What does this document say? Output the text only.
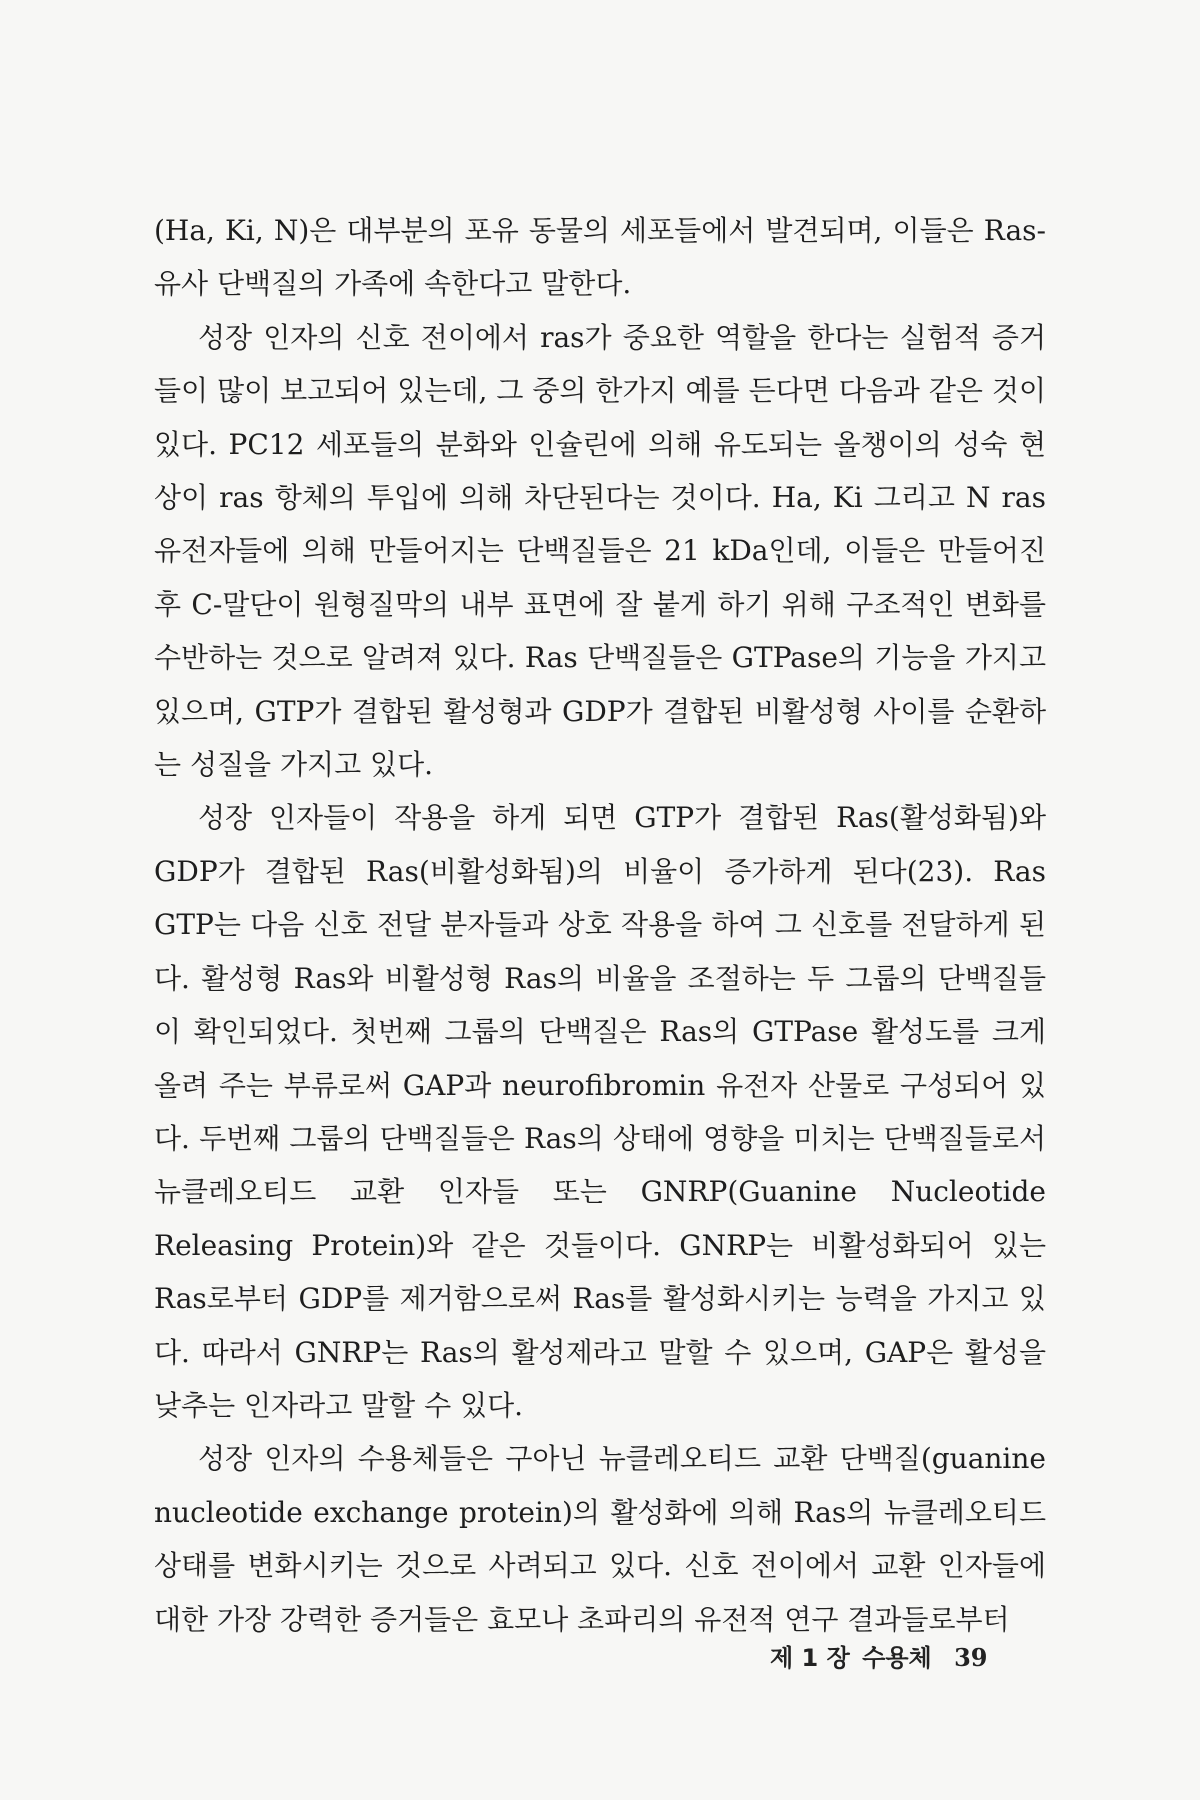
(Ha, Ki, N)은 대부분의 포유 동물의 세포들에서 발견되며, 이들은 Ras-유사 단백질의 가족에 속한다고 말한다.

성장 인자의 신호 전이에서 ras가 중요한 역할을 한다는 실험적 증거들이 많이 보고되어 있는데, 그 중의 한가지 예를 든다면 다음과 같은 것이 있다. PC12 세포들의 분화와 인슐린에 의해 유도되는 올챙이의 성숙 현상이 ras 항체의 투입에 의해 차단된다는 것이다. Ha, Ki 그리고 N ras 유전자들에 의해 만들어지는 단백질들은 21 kDa인데, 이들은 만들어진 후 C-말단이 원형질막의 내부 표면에 잘 붙게 하기 위해 구조적인 변화를 수반하는 것으로 알려져 있다. Ras 단백질들은 GTPase의 기능을 가지고 있으며, GTP가 결합된 활성형과 GDP가 결합된 비활성형 사이를 순환하는 성질을 가지고 있다.

성장 인자들이 작용을 하게 되면 GTP가 결합된 Ras(활성화됨)와 GDP가 결합된 Ras(비활성화됨)의 비율이 증가하게 된다(23). Ras GTP는 다음 신호 전달 분자들과 상호 작용을 하여 그 신호를 전달하게 된다. 활성형 Ras와 비활성형 Ras의 비율을 조절하는 두 그룹의 단백질들이 확인되었다. 첫번째 그룹의 단백질은 Ras의 GTPase 활성도를 크게 올려 주는 부류로써 GAP과 neurofibromin 유전자 산물로 구성되어 있다. 두번째 그룹의 단백질들은 Ras의 상태에 영향을 미치는 단백질들로서 뉴클레오티드 교환 인자들 또는 GNRP(Guanine Nucleotide Releasing Protein)와 같은 것들이다. GNRP는 비활성화되어 있는 Ras로부터 GDP를 제거함으로써 Ras를 활성화시키는 능력을 가지고 있다. 따라서 GNRP는 Ras의 활성제라고 말할 수 있으며, GAP은 활성을 낮추는 인자라고 말할 수 있다.

성장 인자의 수용체들은 구아닌 뉴클레오티드 교환 단백질(guanine nucleotide exchange protein)의 활성화에 의해 Ras의 뉴클레오티드 상태를 변화시키는 것으로 사려되고 있다. 신호 전이에서 교환 인자들에 대한 가장 강력한 증거들은 효모나 초파리의 유전적 연구 결과들로부터

제 1 장 수용체 39
